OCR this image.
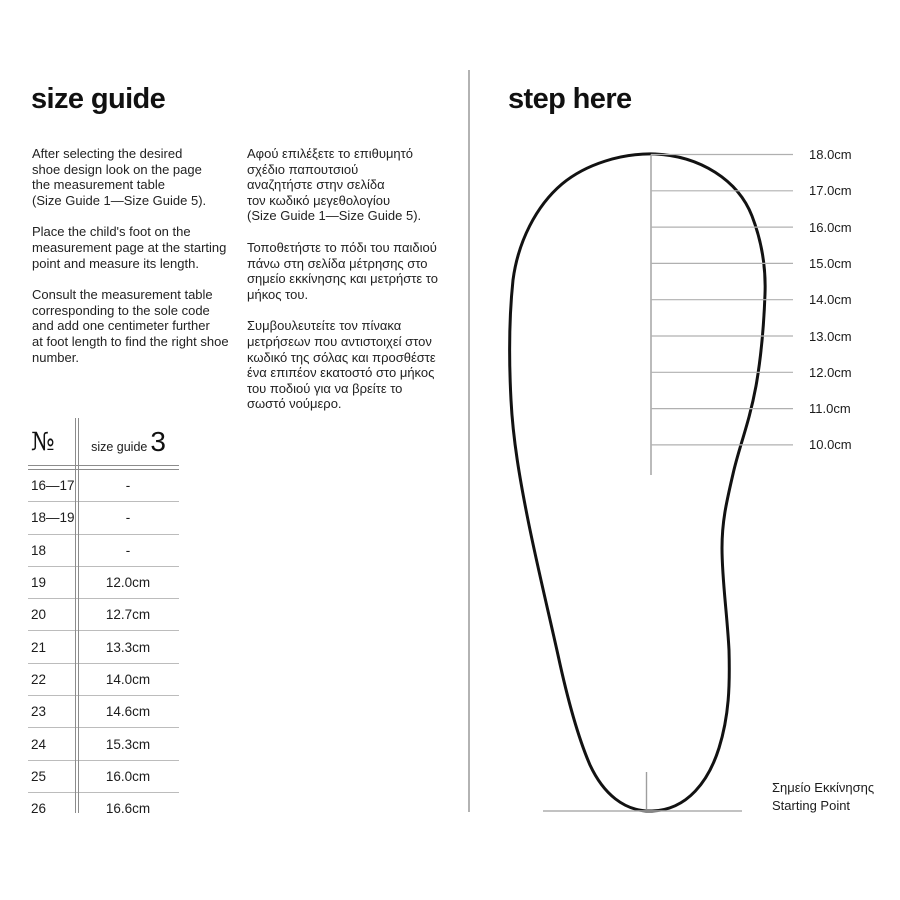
size guide	step here

After selecting the desired
shoe design look on the page
the measurement table
(Size Guide 1—Size Guide 5).

Place the child's foot on the
measurement page at the starting
point and measure its length.

Consult the measurement table
corresponding to the sole code
and add one centimeter further
at foot length to find the right shoe
number.

Αφού επιλέξετε το επιθυμητό
σχέδιο παπουτσιού
αναζητήστε στην σελίδα
τον κωδικό μεγεθολογίου
(Size Guide 1—Size Guide 5).

Τοποθετήστε το πόδι του παιδιού
πάνω στη σελίδα μέτρησης στο
σημείο εκκίνησης και μετρήστε το
μήκος του.

Συμβουλευτείτε τον πίνακα
μετρήσεων που αντιστοιχεί στον
κωδικό της σόλας και προσθέστε
ένα επιπέον εκατοστό στο μήκος
του ποδιού για να βρείτε το
σωστό νούμερο.

№	size guide 3
16—17	-
18—19	-
18	-
19	12.0cm
20	12.7cm
21	13.3cm
22	14.0cm
23	14.6cm
24	15.3cm
25	16.0cm
26	16.6cm
18.0cm
17.0cm
16.0cm
15.0cm
14.0cm
13.0cm
12.0cm
11.0cm
10.0cm
Σημείο Εκκίνησης
Starting Point
